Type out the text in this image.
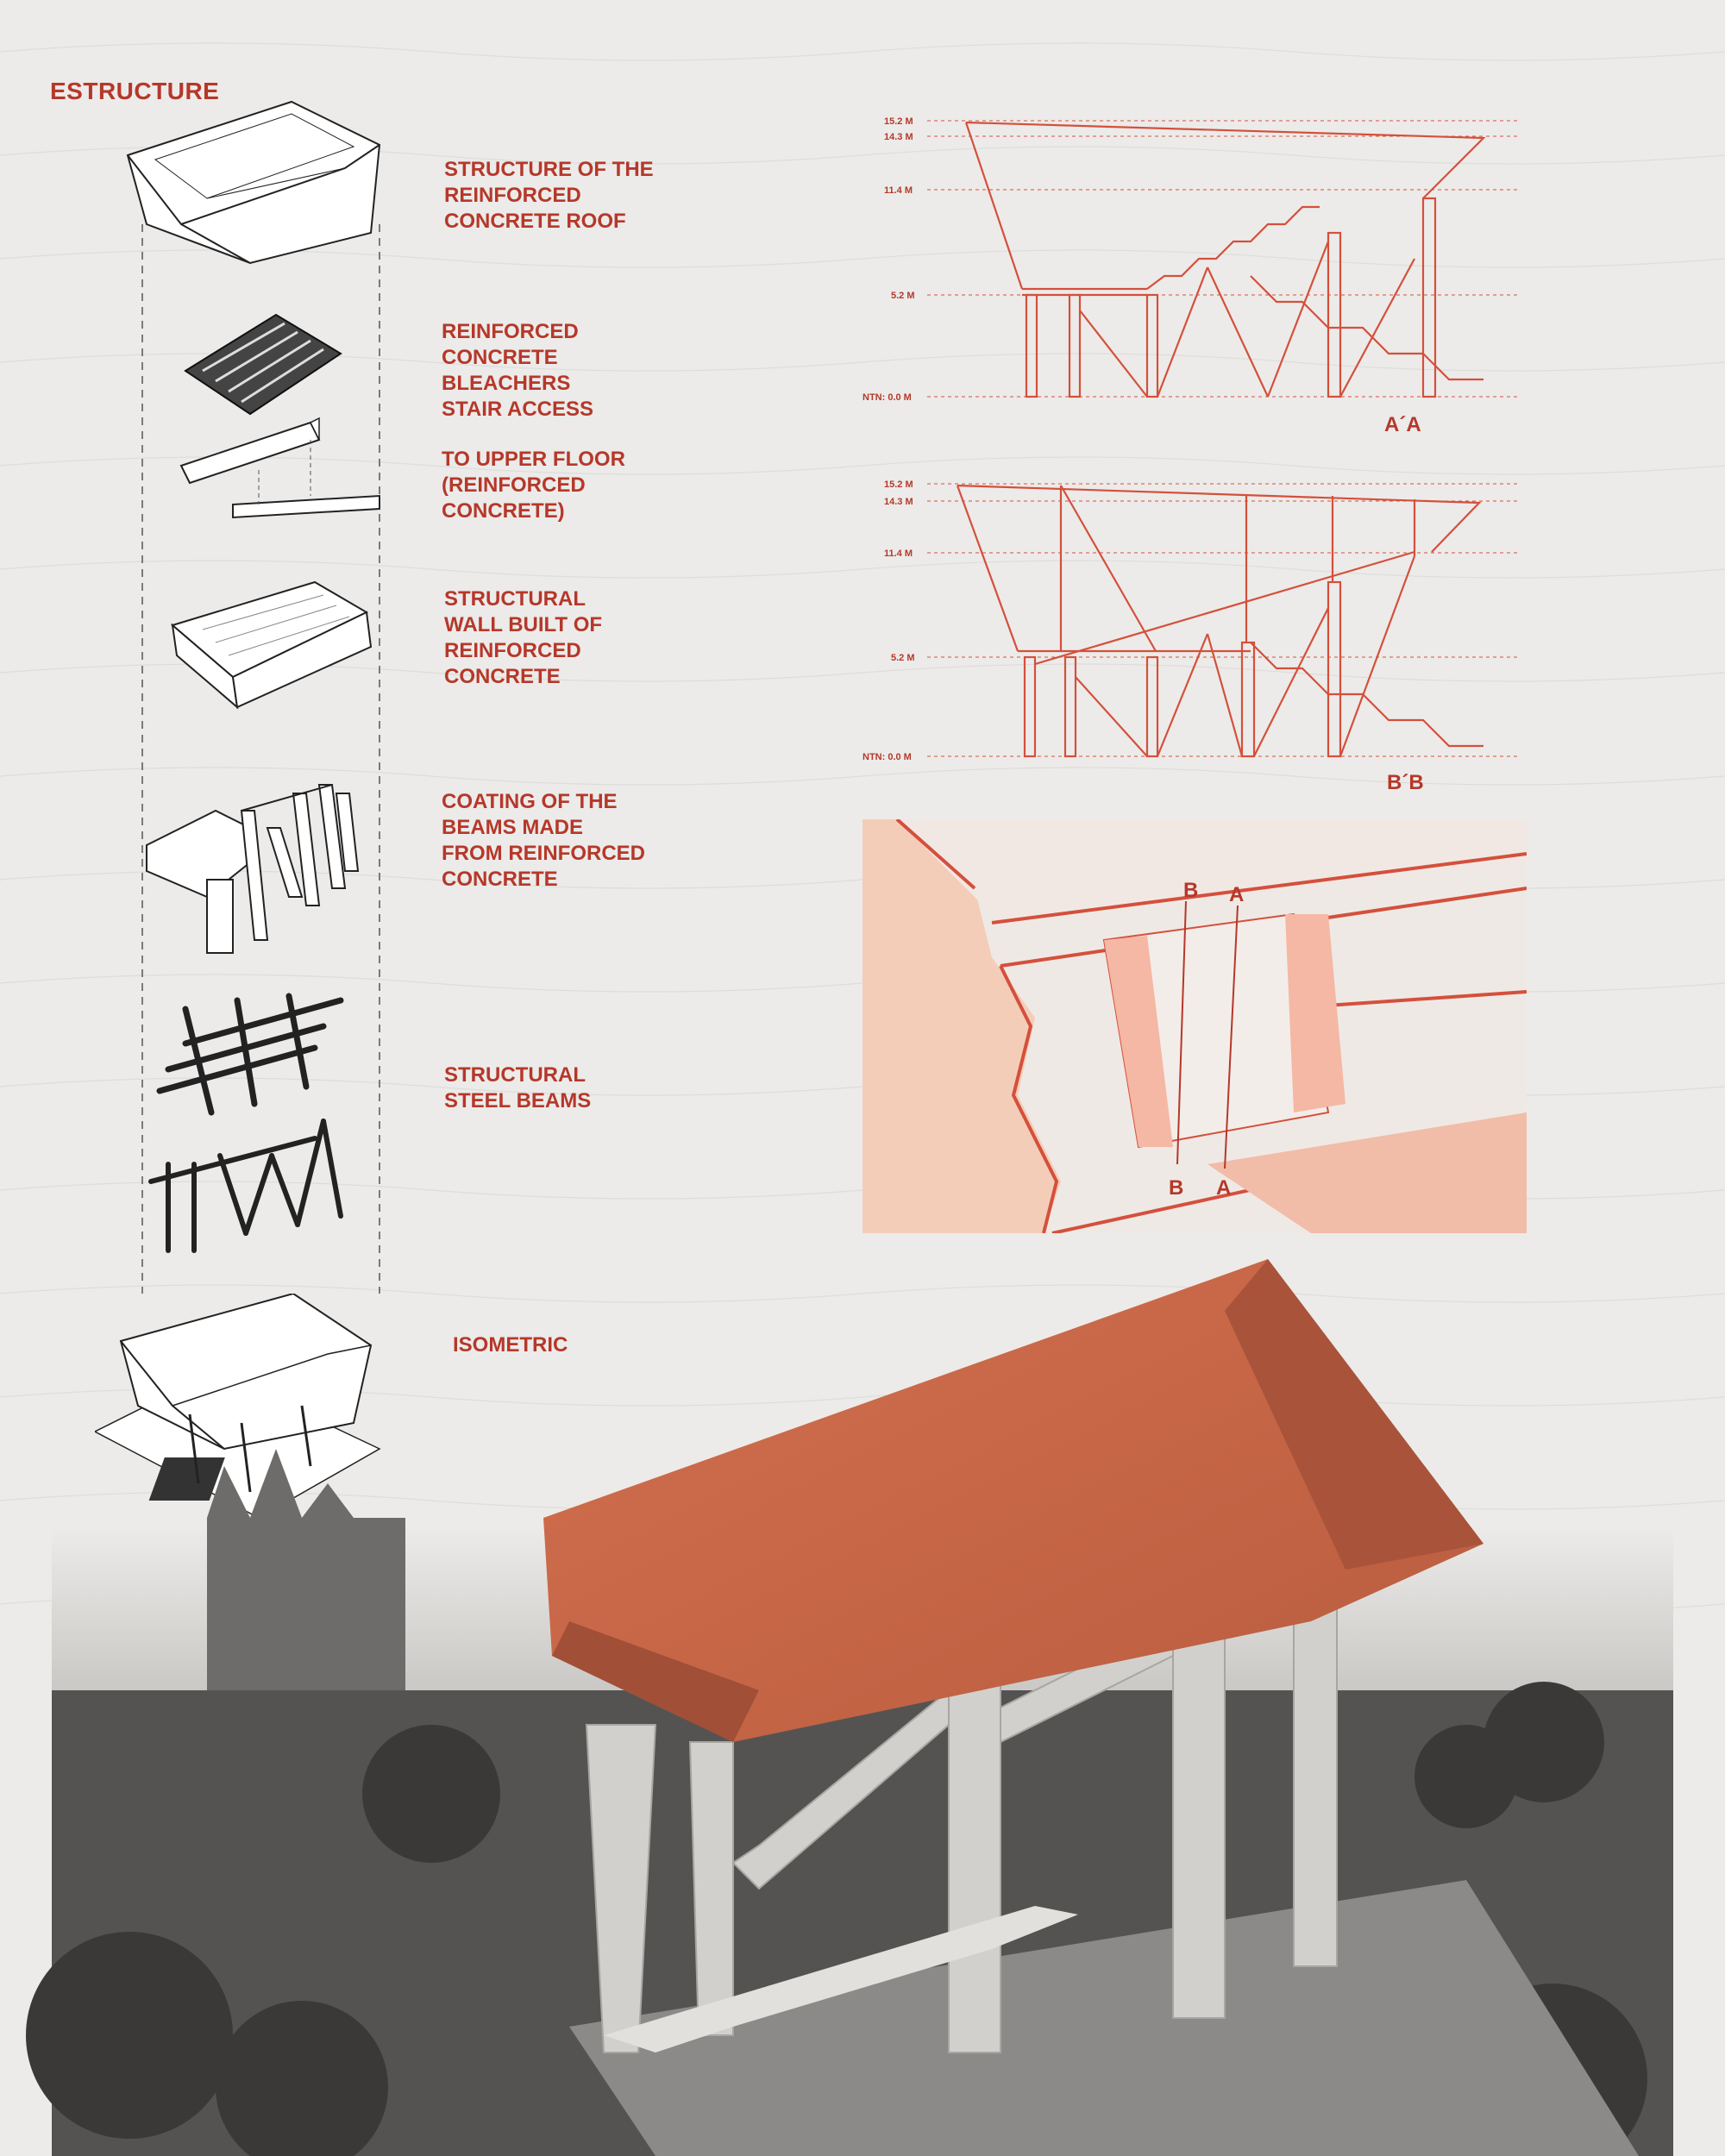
ESTRUCTURE
STRUCTURE OF THE
REINFORCED
CONCRETE ROOF
REINFORCED
CONCRETE
BLEACHERS
STAIR ACCESS
TO UPPER FLOOR
(REINFORCED
CONCRETE)
STRUCTURAL
WALL BUILT OF
REINFORCED
CONCRETE
COATING OF THE
BEAMS MADE
FROM REINFORCED
CONCRETE
STRUCTURAL
STEEL BEAMS
ISOMETRIC
15.2 M
14.3 M
11.4 M
5.2 M
NTN: 0.0 M
A´A
15.2 M
14.3 M
11.4 M
5.2 M
NTN: 0.0 M
B´B
B A
B A
